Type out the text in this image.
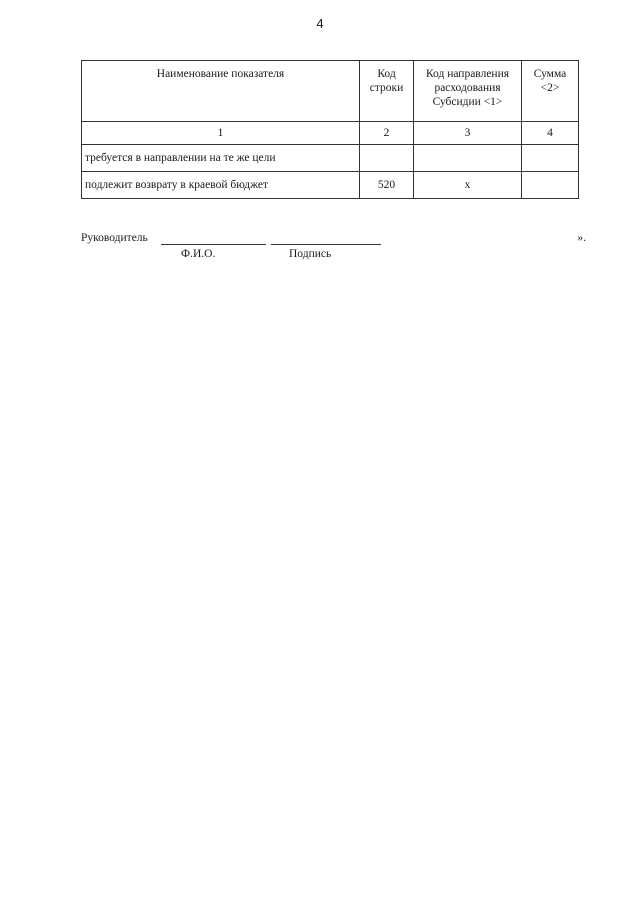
4
Наименование показателя	Код строки	Код направления расходования Субсидии <1>	Сумма <2>
1	2	3	4
требуется в направлении на те же цели			
подлежит возврату в краевой бюджет	520	x	
Руководитель
Ф.И.О.	Подпись
».
